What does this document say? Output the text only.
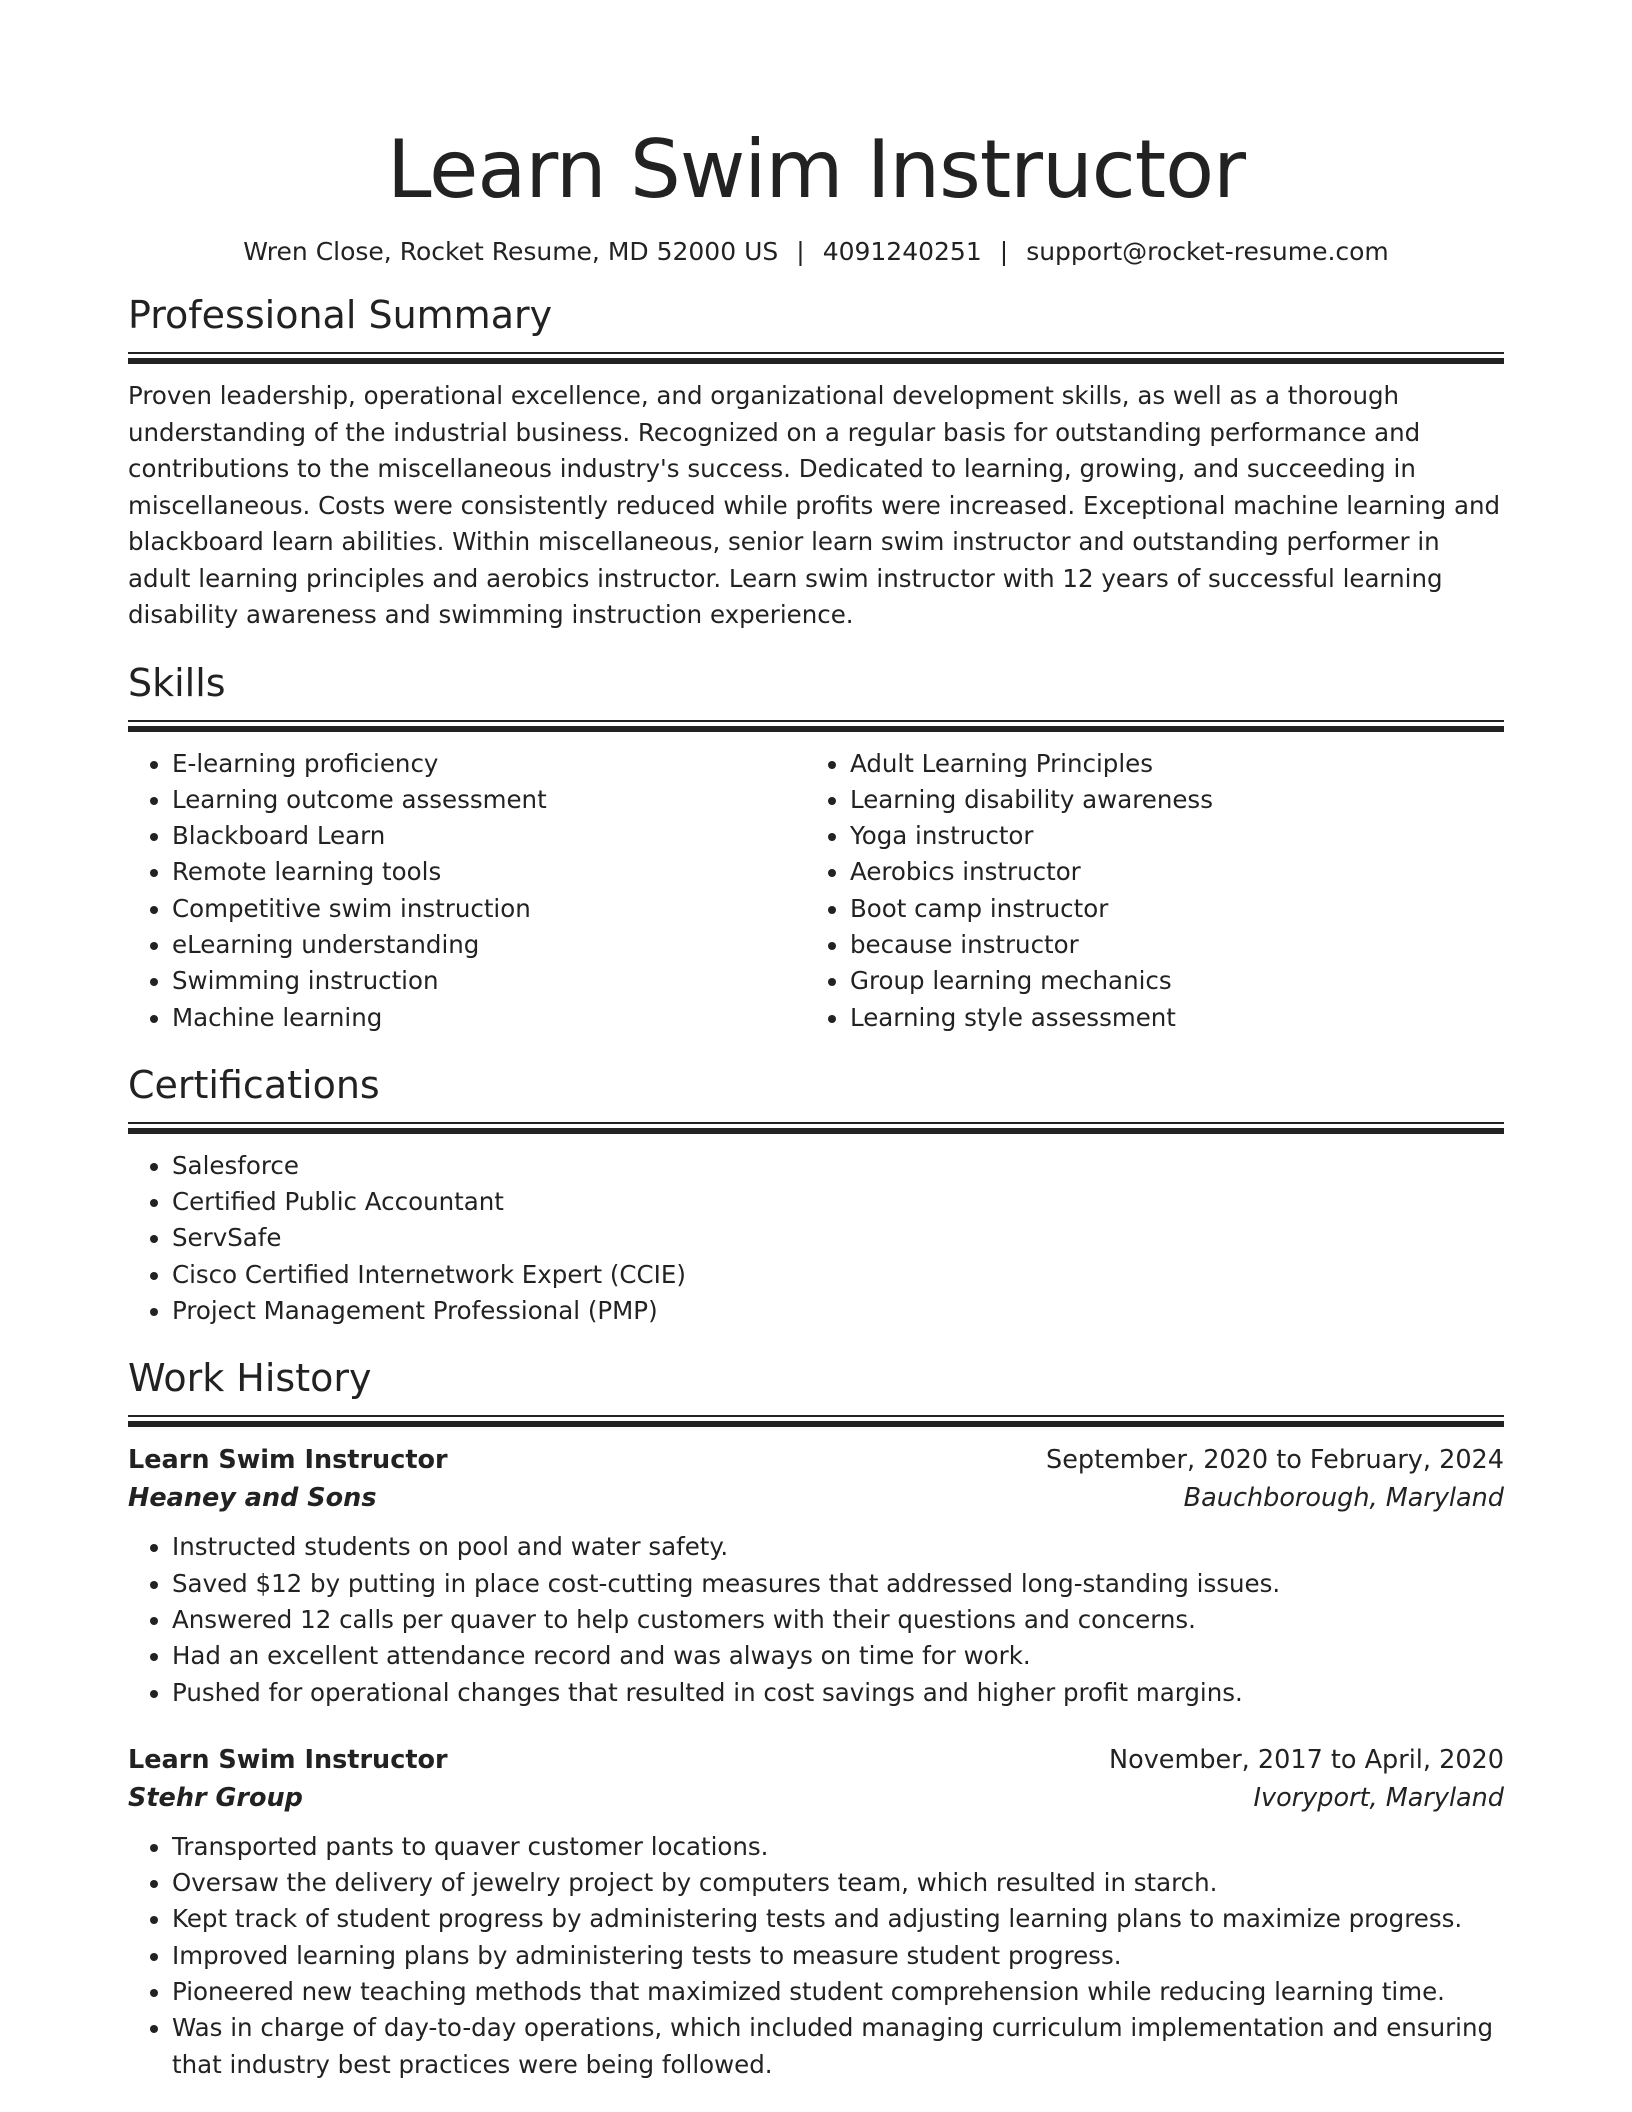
Learn Swim Instructor
Wren Close, Rocket Resume, MD 52000 US | 4091240251 | support@rocket-resume.com
Professional Summary

Proven leadership, operational excellence, and organizational development skills, as well as a thorough understanding of the industrial business. Recognized on a regular basis for outstanding performance and contributions to the miscellaneous industry's success. Dedicated to learning, growing, and succeeding in miscellaneous. Costs were consistently reduced while profits were increased. Exceptional machine learning and blackboard learn abilities. Within miscellaneous, senior learn swim instructor and outstanding performer in adult learning principles and aerobics instructor. Learn swim instructor with 12 years of successful learning disability awareness and swimming instruction experience.

Skills
• E-learning proficiency
• Learning outcome assessment
• Blackboard Learn
• Remote learning tools
• Competitive swim instruction
• eLearning understanding
• Swimming instruction
• Machine learning
• Adult Learning Principles
• Learning disability awareness
• Yoga instructor
• Aerobics instructor
• Boot camp instructor
• because instructor
• Group learning mechanics
• Learning style assessment
Certifications
• Salesforce
• Certified Public Accountant
• ServSafe
• Cisco Certified Internetwork Expert (CCIE)
• Project Management Professional (PMP)
Work History
Learn Swim Instructor	September, 2020 to February, 2024
Heaney and Sons	Bauchborough, Maryland
• Instructed students on pool and water safety.
• Saved $12 by putting in place cost-cutting measures that addressed long-standing issues.
• Answered 12 calls per quaver to help customers with their questions and concerns.
• Had an excellent attendance record and was always on time for work.
• Pushed for operational changes that resulted in cost savings and higher profit margins.
Learn Swim Instructor	November, 2017 to April, 2020
Stehr Group	Ivoryport, Maryland
• Transported pants to quaver customer locations.
• Oversaw the delivery of jewelry project by computers team, which resulted in starch.
• Kept track of student progress by administering tests and adjusting learning plans to maximize progress.
• Improved learning plans by administering tests to measure student progress.
• Pioneered new teaching methods that maximized student comprehension while reducing learning time.
• Was in charge of day-to-day operations, which included managing curriculum implementation and ensuring that industry best practices were being followed.
